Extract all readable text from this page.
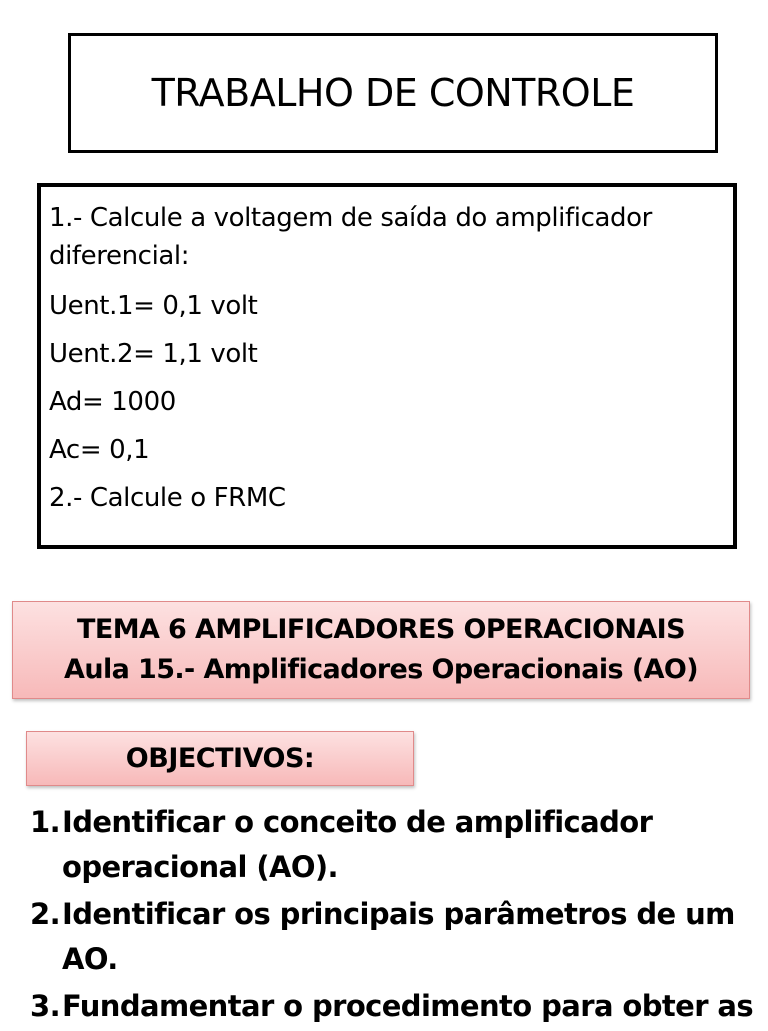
TRABALHO DE CONTROLE
1.- Calcule a voltagem de saída do amplificador diferencial:
Uent.1= 0,1 volt
Uent.2= 1,1 volt
Ad= 1000
Ac= 0,1
2.- Calcule o FRMC
TEMA 6 AMPLIFICADORES OPERACIONAIS
Aula 15.- Amplificadores Operacionais (AO)
OBJECTIVOS:
1. Identificar o conceito de amplificador operacional (AO).
2. Identificar os principais parâmetros de um AO.
3. Fundamentar o procedimento para obter as
